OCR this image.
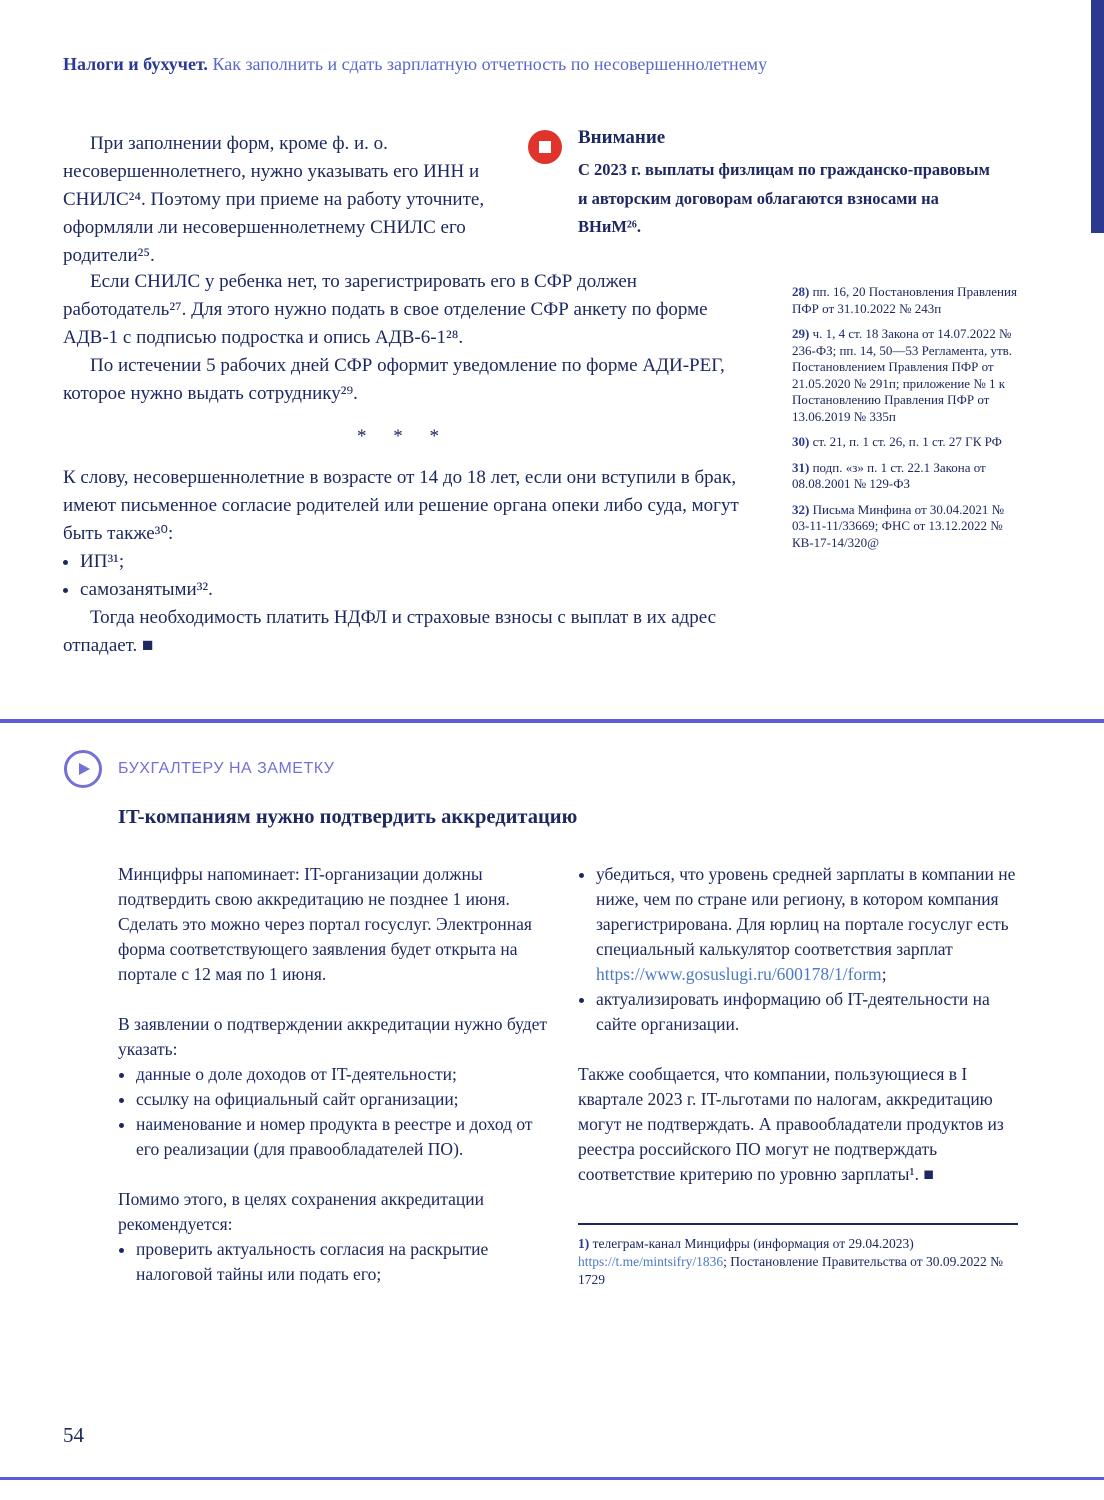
Налоги и бухучет. Как заполнить и сдать зарплатную отчетность по несовершеннолетнему

При заполнении форм, кроме ф. и. о. несовершеннолетнего, нужно указывать его ИНН и СНИЛС²⁴. Поэтому при приеме на работу уточните, оформляли ли несовершеннолетнему СНИЛС его родители²⁵.

Внимание
С 2023 г. выплаты физлицам по гражданско-правовым и авторским договорам облагаются взносами на ВНиМ²⁶.

Если СНИЛС у ребенка нет, то зарегистрировать его в СФР должен работодатель²⁷. Для этого нужно подать в свое отделение СФР анкету по форме АДВ-1 с подписью подростка и опись АДВ-6-1²⁸.

По истечении 5 рабочих дней СФР оформит уведомление по форме АДИ-РЕГ, которое нужно выдать сотруднику²⁹.

* * *

К слову, несовершеннолетние в возрасте от 14 до 18 лет, если они вступили в брак, имеют письменное согласие родителей или решение органа опеки либо суда, могут быть также³⁰:

• ИП³¹;
• самозанятыми³².

Тогда необходимость платить НДФЛ и страховые взносы с выплат в их адрес отпадает. ■

28) пп. 16, 20 Постановления Правления ПФР от 31.10.2022 № 243п
29) ч. 1, 4 ст. 18 Закона от 14.07.2022 № 236-ФЗ; пп. 14, 50—53 Регламента, утв. Постановлением Правления ПФР от 21.05.2020 № 291п; приложение № 1 к Постановлению Правления ПФР от 13.06.2019 № 335п
30) ст. 21, п. 1 ст. 26, п. 1 ст. 27 ГК РФ
31) подп. «з» п. 1 ст. 22.1 Закона от 08.08.2001 № 129-ФЗ
32) Письма Минфина от 30.04.2021 № 03-11-11/33669; ФНС от 13.12.2022 № КВ-17-14/320@
БУХГАЛТЕРУ НА ЗАМЕТКУ
IT-компаниям нужно подтвердить аккредитацию

Минцифры напоминает: IT-организации должны подтвердить свою аккредитацию не позднее 1 июня. Сделать это можно через портал госуслуг. Электронная форма соответствующего заявления будет открыта на портале с 12 мая по 1 июня.

В заявлении о подтверждении аккредитации нужно будет указать:

• данные о доле доходов от IT-деятельности;
• ссылку на официальный сайт организации;
• наименование и номер продукта в реестре и доход от его реализации (для правообладателей ПО).

Помимо этого, в целях сохранения аккредитации рекомендуется:

• проверить актуальность согласия на раскрытие налоговой тайны или подать его;
• убедиться, что уровень средней зарплаты в компании не ниже, чем по стране или региону, в котором компания зарегистрирована. Для юрлиц на портале госуслуг есть специальный калькулятор соответствия зарплат https://www.gosuslugi.ru/600178/1/form;
• актуализировать информацию об IT-деятельности на сайте организации.

Также сообщается, что компании, пользующиеся в I квартале 2023 г. IT-льготами по налогам, аккредитацию могут не подтверждать. А правообладатели продуктов из реестра российского ПО могут не подтверждать соответствие критерию по уровню зарплаты¹. ■

1) телеграм-канал Минцифры (информация от 29.04.2023) https://t.me/mintsifry/1836; Постановление Правительства от 30.09.2022 № 1729
54
